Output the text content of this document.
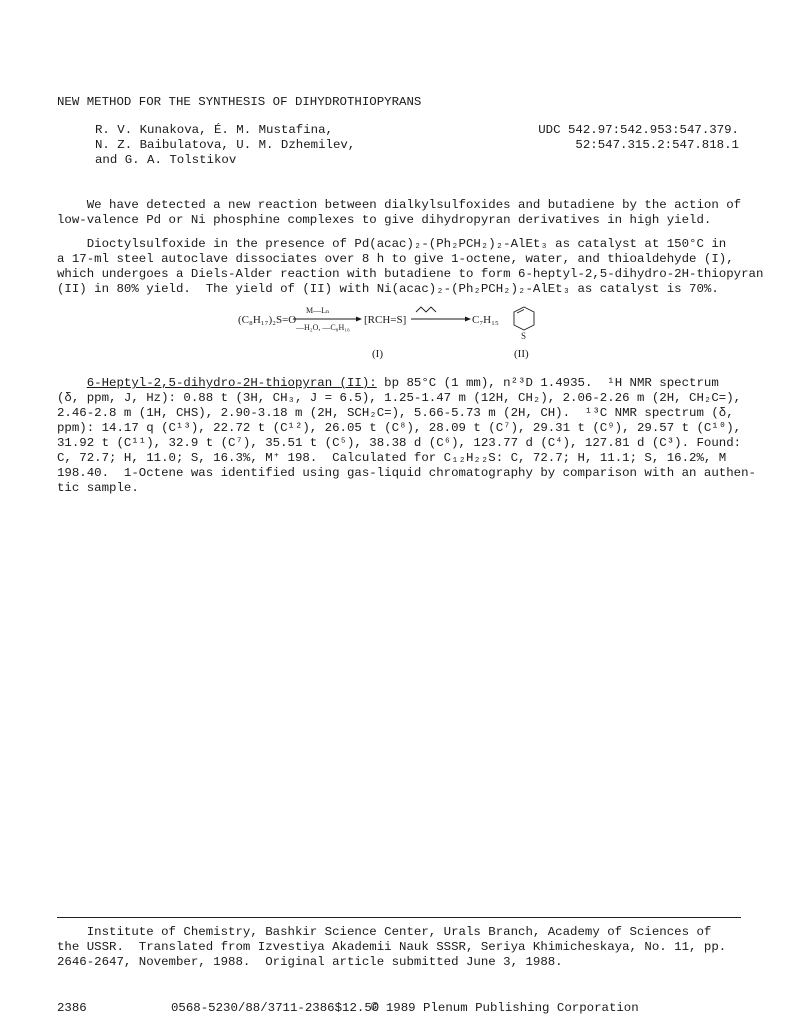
NEW METHOD FOR THE SYNTHESIS OF DIHYDROTHIOPYRANS
R. V. Kunakova, É. M. Mustafina,
N. Z. Baibulatova, U. M. Dzhemilev,
and G. A. Tolstikov
UDC 542.97:542.953:547.379.
52:547.315.2:547.818.1
We have detected a new reaction between dialkylsulfoxides and butadiene by the action of
low-valence Pd or Ni phosphine complexes to give dihydropyran derivatives in high yield.
Dioctylsulfoxide in the presence of Pd(acac)₂-(Ph₂PCH₂)₂-AlEt₃ as catalyst at 150°C in
a 17-ml steel autoclave dissociates over 8 h to give 1-octene, water, and thioaldehyde (I),
which undergoes a Diels-Alder reaction with butadiene to form 6-heptyl-2,5-dihydro-2H-thiopyran
(II) in 80% yield.  The yield of (II) with Ni(acac)₂-(Ph₂PCH₂)₂-AlEt₃ as catalyst is 70%.
(C₈H₁₇)₂S=O
M—Lₙ
—H₂O, —C₈H₁₆
[RCH=S]	C₇H₁₅
S
(I)	(II)
6-Heptyl-2,5-dihydro-2H-thiopyran (II): bp 85°C (1 mm), n²³D 1.4935.  ¹H NMR spectrum
(δ, ppm, J, Hz): 0.88 t (3H, CH₃, J = 6.5), 1.25-1.47 m (12H, CH₂), 2.06-2.26 m (2H, CH₂C=),
2.46-2.8 m (1H, CHS), 2.90-3.18 m (2H, SCH₂C=), 5.66-5.73 m (2H, CH).  ¹³C NMR spectrum (δ,
ppm): 14.17 q (C¹³), 22.72 t (C¹²), 26.05 t (C⁸), 28.09 t (C⁷), 29.31 t (C⁹), 29.57 t (C¹⁰),
31.92 t (C¹¹), 32.9 t (C⁷), 35.51 t (C⁵), 38.38 d (C⁶), 123.77 d (C⁴), 127.81 d (C³). Found:
C, 72.7; H, 11.0; S, 16.3%, M⁺ 198.  Calculated for C₁₂H₂₂S: C, 72.7; H, 11.1; S, 16.2%, M
198.40.  1-Octene was identified using gas-liquid chromatography by comparison with an authen-
tic sample.
Institute of Chemistry, Bashkir Science Center, Urals Branch, Academy of Sciences of
the USSR.  Translated from Izvestiya Akademii Nauk SSSR, Seriya Khimicheskaya, No. 11, pp.
2646-2647, November, 1988.  Original article submitted June 3, 1988.
2386	0568-5230/88/3711-2386$12.50
© 1989 Plenum Publishing Corporation
